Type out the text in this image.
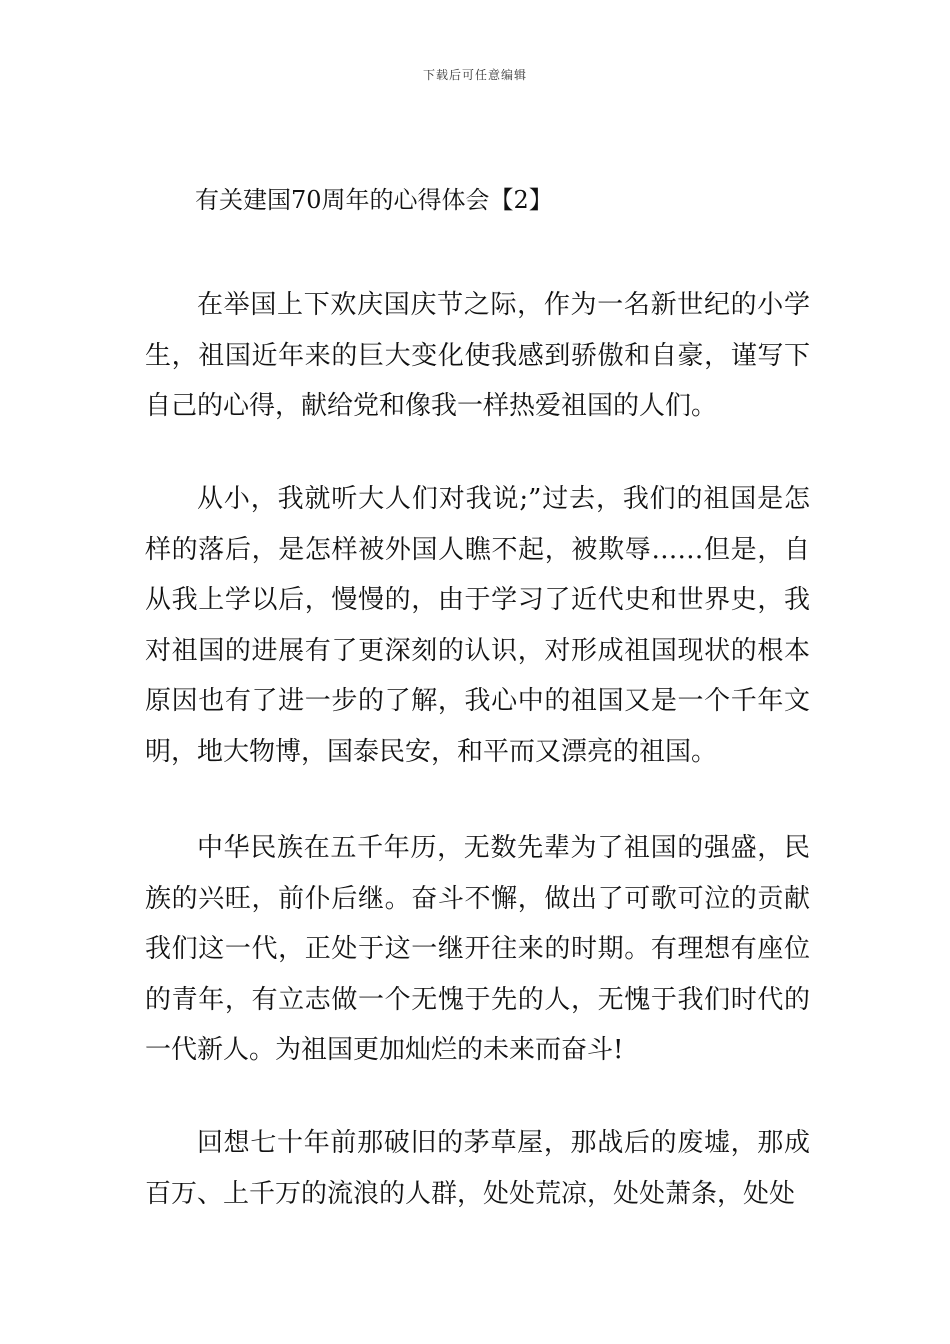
下载后可任意编辑
有关建国70周年的心得体会【2】

在举国上下欢庆国庆节之际，作为一名新世纪的小学生，祖国近年来的巨大变化使我感到骄傲和自豪，谨写下自己的心得，献给党和像我一样热爱祖国的人们。

从小，我就听大人们对我说;”过去，我们的祖国是怎样的落后，是怎样被外国人瞧不起，被欺辱……但是，自从我上学以后，慢慢的，由于学习了近代史和世界史，我对祖国的进展有了更深刻的认识，对形成祖国现状的根本原因也有了进一步的了解，我心中的祖国又是一个千年文明，地大物博，国泰民安，和平而又漂亮的祖国。

中华民族在五千年历，无数先辈为了祖国的强盛，民族的兴旺，前仆后继。奋斗不懈，做出了可歌可泣的贡献我们这一代，正处于这一继开往来的时期。有理想有座位的青年，有立志做一个无愧于先的人，无愧于我们时代的一代新人。为祖国更加灿烂的未来而奋斗!

回想七十年前那破旧的茅草屋，那战后的废墟，那成百万、上千万的流浪的人群，处处荒凉，处处萧条，处处
